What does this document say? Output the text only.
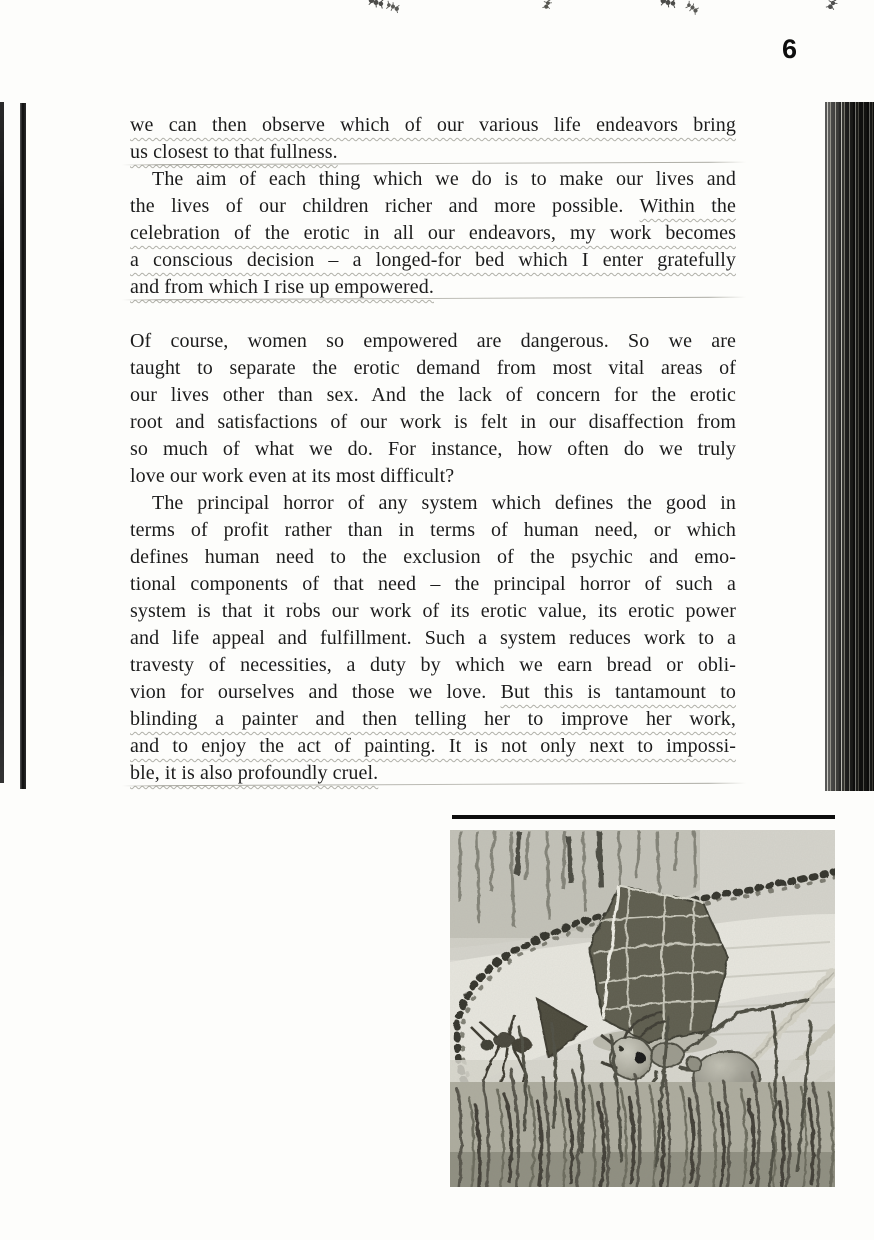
6
we can then observe which of our various life endeavors bring
us closest to that fullness.
The aim of each thing which we do is to make our lives and
the lives of our children richer and more possible. Within the
celebration of the erotic in all our endeavors, my work becomes
a conscious decision – a longed-for bed which I enter gratefully
and from which I rise up empowered.
Of course, women so empowered are dangerous. So we are
taught to separate the erotic demand from most vital areas of
our lives other than sex. And the lack of concern for the erotic
root and satisfactions of our work is felt in our disaffection from
so much of what we do. For instance, how often do we truly
love our work even at its most difficult?
The principal horror of any system which defines the good in
terms of profit rather than in terms of human need, or which
defines human need to the exclusion of the psychic and emo-
tional components of that need – the principal horror of such a
system is that it robs our work of its erotic value, its erotic power
and life appeal and fulfillment. Such a system reduces work to a
travesty of necessities, a duty by which we earn bread or obli-
vion for ourselves and those we love. But this is tantamount to
blinding a painter and then telling her to improve her work,
and to enjoy the act of painting. It is not only next to impossi-
ble, it is also profoundly cruel.
